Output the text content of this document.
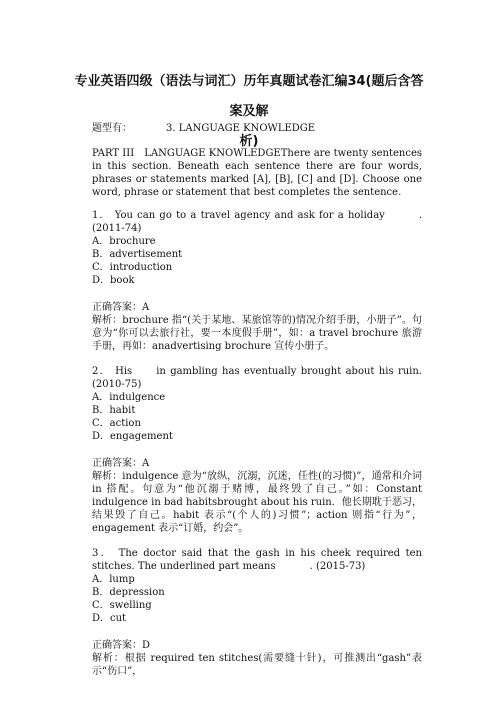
专业英语四级（语法与词汇）历年真题试卷汇编34(题后含答案及解
析)
题型有：	3. LANGUAGE KNOWLEDGE
PART III　LANGUAGE KNOWLEDGEThere are twenty sentences in this section. Beneath each sentence there are four words, phrases or statements marked [A], [B], [C] and [D]. Choose one word, phrase or statement that best completes the sentence.
1． You can go to a travel agency and ask for a holiday	.(2011-74)
A．brochure
B．advertisement
C．introduction
D．book
正确答案：A
解析：brochure 指“(关于某地、某旅馆等的)情况介绍手册，小册子”。句意为“你可以去旅行社，要一本度假手册”，如：a travel brochure 旅游手册，再如：anadvertising brochure 宣传小册子。
2． His in gambling has eventually brought about his ruin.(2010-75)
A．indulgence
B．habit
C．action
D．engagement
正确答案：A
解析：indulgence 意为“放纵，沉溺，沉迷，任性(的习惯)”，通常和介词 in 搭配。句意为“他沉溺于赌博，最终毁了自己。”如：Constant indulgence in bad habitsbrought about his ruin．他长期耽于恶习，结果毁了自己。habit 表示“(个人的)习惯”；action 则指“行为”，engagement 表示“订婚，约会”。
3． The doctor said that the gash in his cheek required ten stitches. The underlined part means	. (2015-73)
A．lump
B．depression
C．swelling
D．cut
正确答案：D
解析：根据 required ten stitches(需要缝十针)，可推测出“gash”表示“伤口”，
